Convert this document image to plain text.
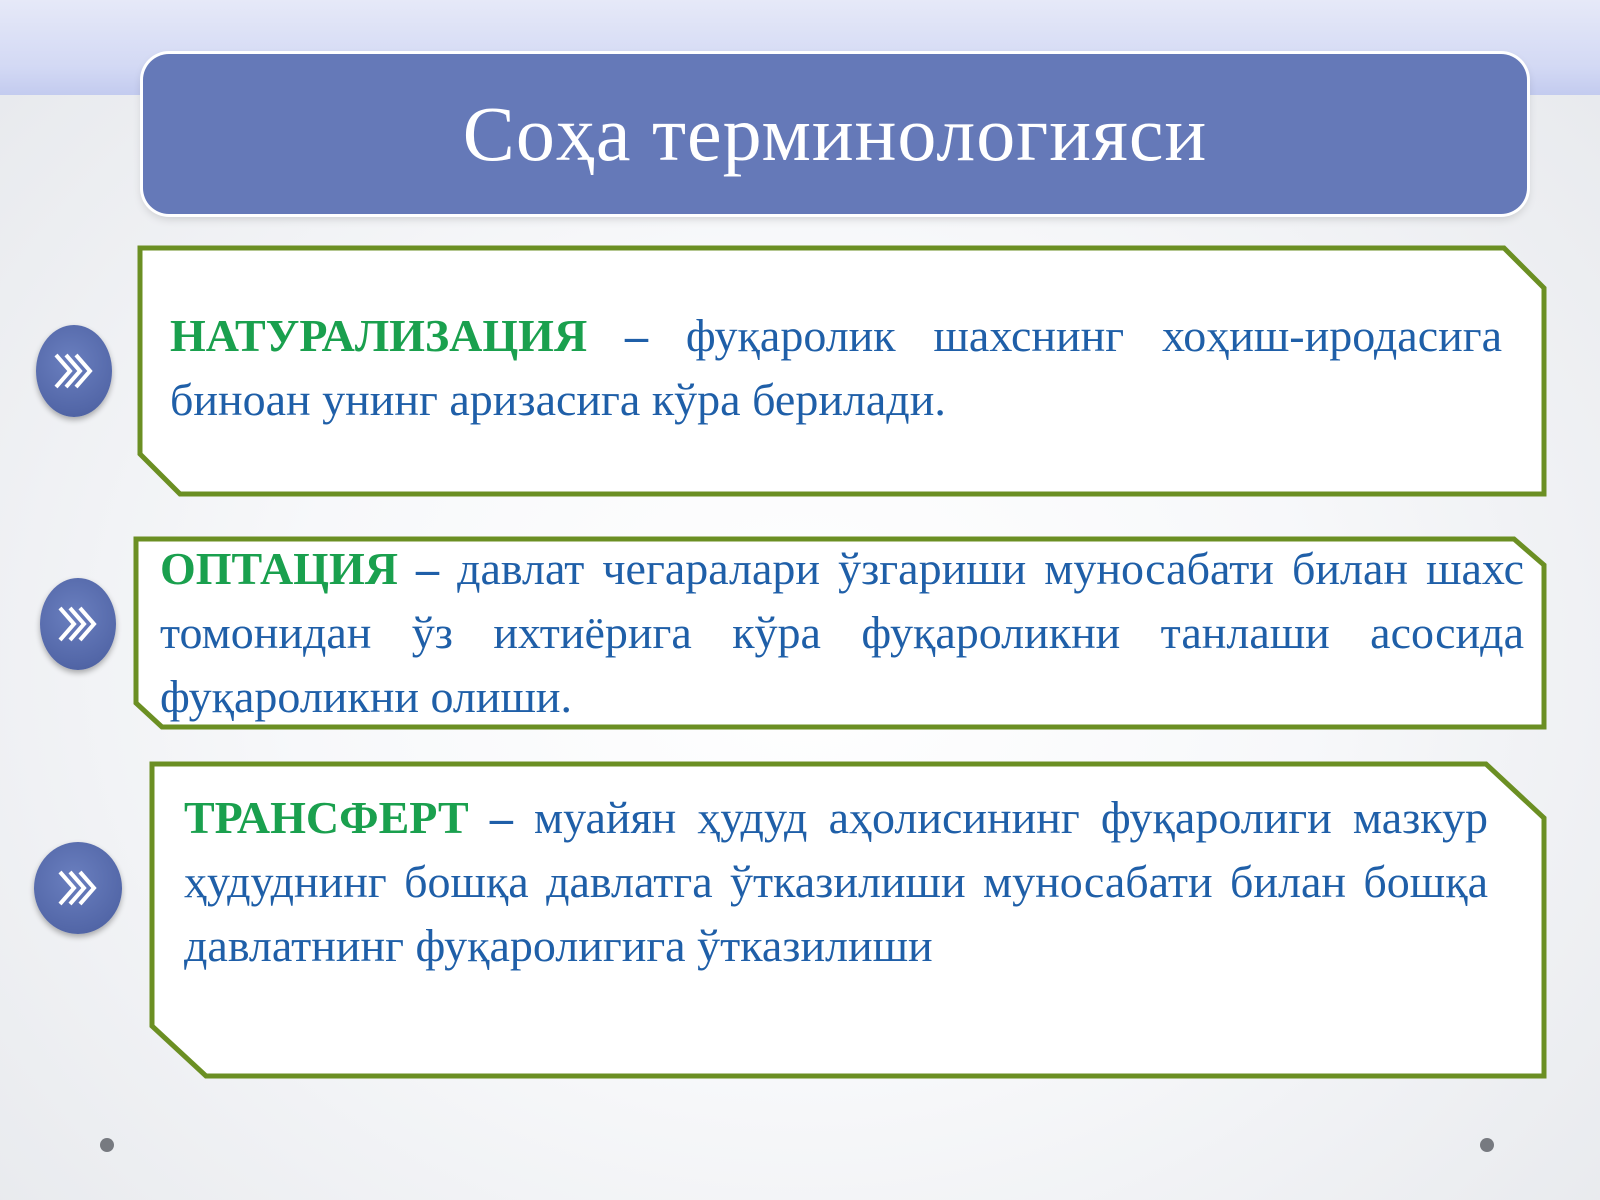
Соҳа терминологияси
НАТУРАЛИЗАЦИЯ – фуқаролик шахснинг хоҳиш-иродасига биноан унинг аризасига кўра берилади.
ОПТАЦИЯ – давлат чегаралари ўзгариши муносабати билан шахс томонидан ўз ихтиёрига кўра фуқароликни танлаши асосида фуқароликни олиши.
ТРАНСФЕРТ – муайян ҳудуд аҳолисининг фуқаролиги мазкур ҳудуднинг бошқа давлатга ўтказилиши муносабати билан бошқа давлатнинг фуқаролигига ўтказилиши
